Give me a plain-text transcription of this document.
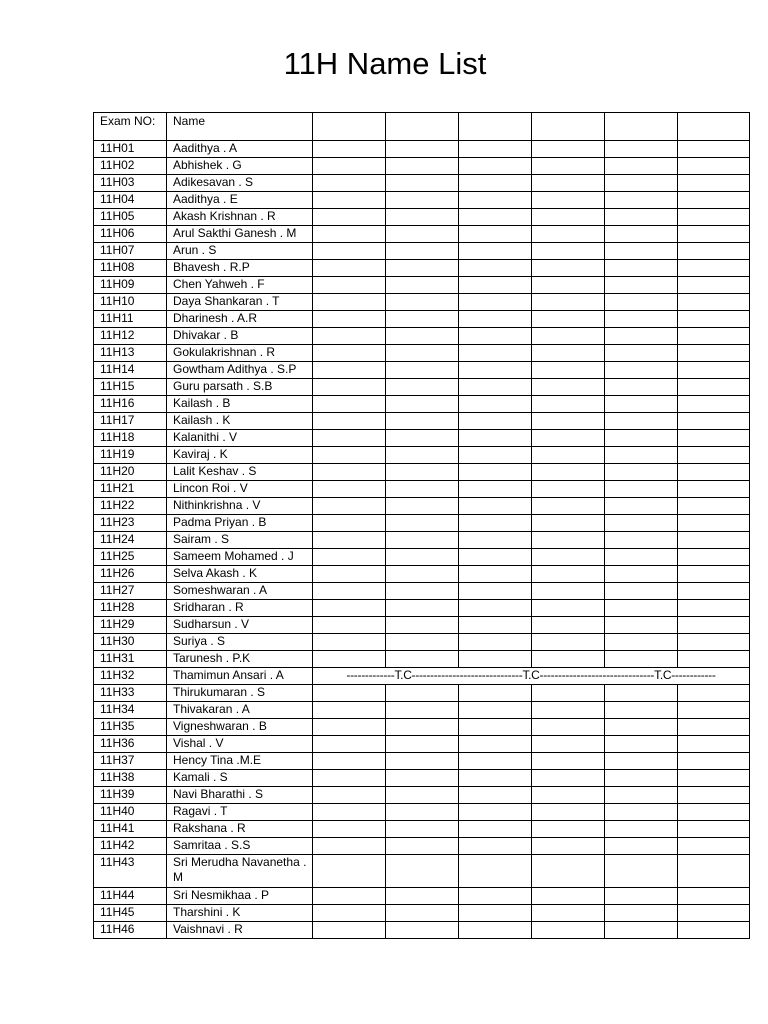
11H Name List
Exam NO:	Name						
11H01	Aadithya . A						
11H02	Abhishek . G						
11H03	Adikesavan . S						
11H04	Aadithya . E						
11H05	Akash Krishnan . R						
11H06	Arul Sakthi Ganesh . M						
11H07	Arun . S						
11H08	Bhavesh . R.P						
11H09	Chen Yahweh . F						
11H10	Daya Shankaran . T						
11H11	Dharinesh . A.R						
11H12	Dhivakar . B						
11H13	Gokulakrishnan . R						
11H14	Gowtham Adithya . S.P						
11H15	Guru parsath . S.B						
11H16	Kailash . B						
11H17	Kailash . K						
11H18	Kalanithi . V						
11H19	Kaviraj . K						
11H20	Lalit Keshav . S						
11H21	Lincon Roi . V						
11H22	Nithinkrishna . V						
11H23	Padma Priyan . B						
11H24	Sairam . S						
11H25	Sameem Mohamed . J						
11H26	Selva Akash . K						
11H27	Someshwaran . A						
11H28	Sridharan . R						
11H29	Sudharsun . V						
11H30	Suriya . S						
11H31	Tarunesh . P.K						
11H32	Thamimun Ansari . A	-------------T.C------------------------------T.C-------------------------------T.C------------					
11H33	Thirukumaran . S						
11H34	Thivakaran . A						
11H35	Vigneshwaran . B						
11H36	Vishal . V						
11H37	Hency Tina .M.E						
11H38	Kamali . S						
11H39	Navi Bharathi . S						
11H40	Ragavi . T						
11H41	Rakshana . R						
11H42	Samritaa . S.S						
11H43	Sri Merudha Navanetha . M						
11H44	Sri Nesmikhaa . P						
11H45	Tharshini . K						
11H46	Vaishnavi . R						
